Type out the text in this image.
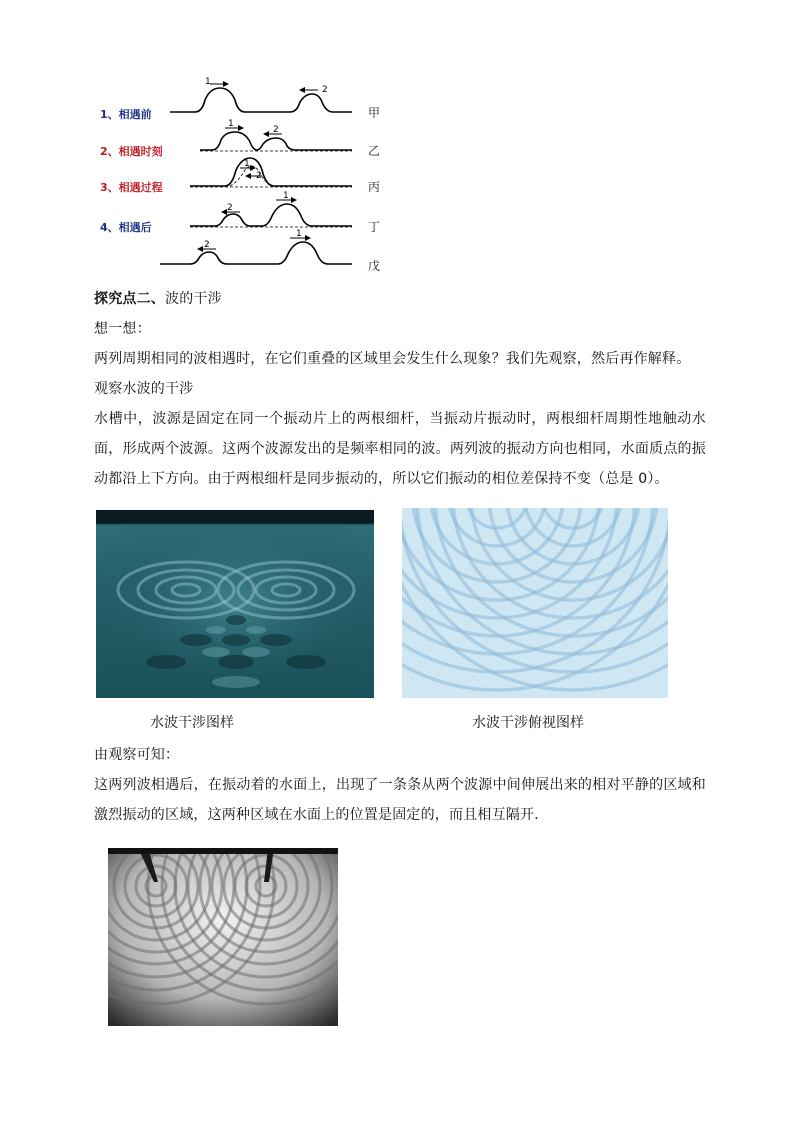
1
2
1
2
1
2
2
1
2
1
1、相遇前
2、相遇时刻
3、相遇过程
4、相遇后
甲
乙
丙
丁
戊
探究点二、波的干涉
想一想：
两列周期相同的波相遇时，在它们重叠的区域里会发生什么现象？我们先观察，然后再作解释。
观察水波的干涉
水槽中，波源是固定在同一个振动片上的两根细杆，当振动片振动时，两根细杆周期性地触动水面，形成两个波源。这两个波源发出的是频率相同的波。两列波的振动方向也相同，水面质点的振动都沿上下方向。由于两根细杆是同步振动的，所以它们振动的相位差保持不变（总是 0）。
水波干涉图样	水波干涉俯视图样
由观察可知：
这两列波相遇后，在振动着的水面上，出现了一条条从两个波源中间伸展出来的相对平静的区域和激烈振动的区域，这两种区域在水面上的位置是固定的，而且相互隔开．
